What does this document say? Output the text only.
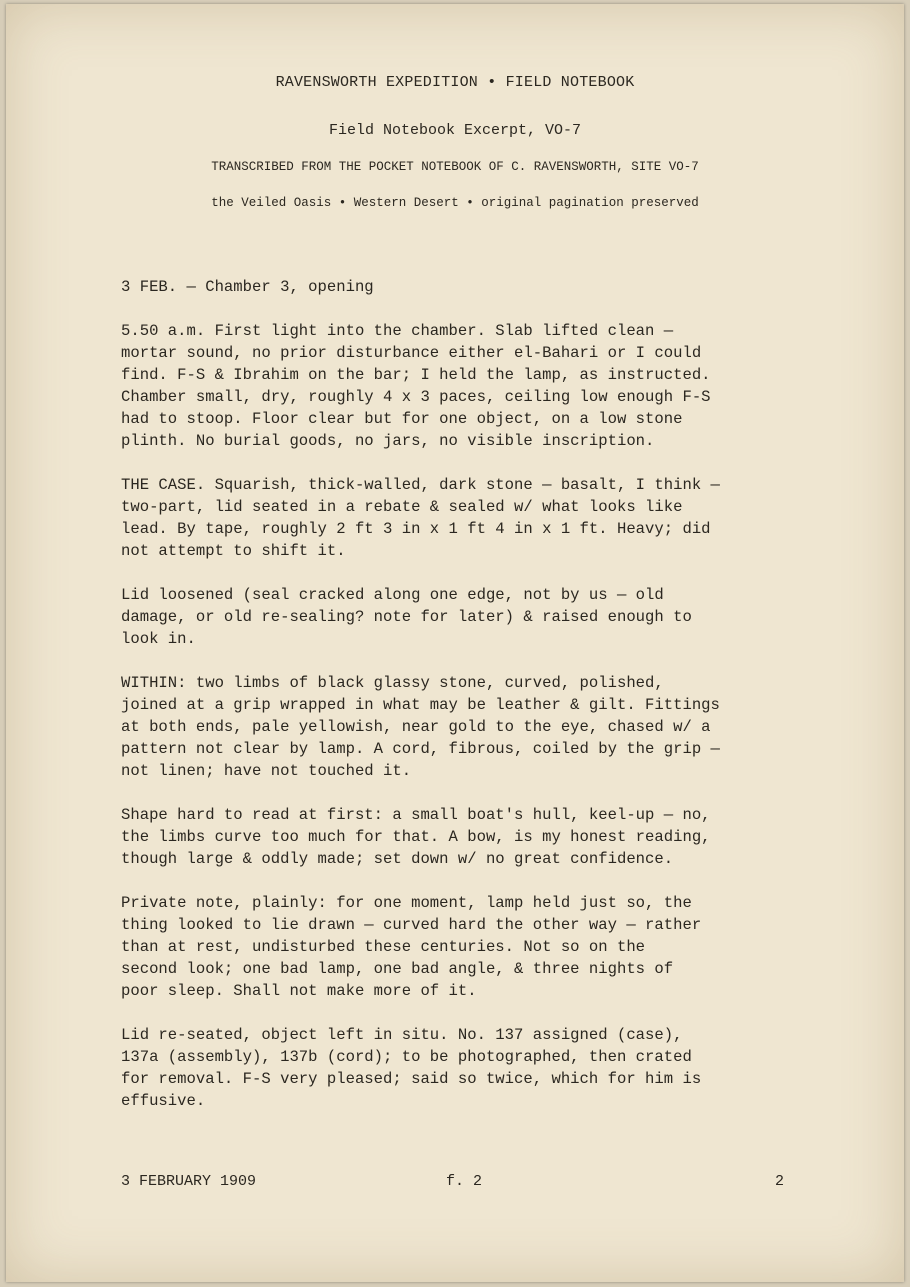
RAVENSWORTH EXPEDITION • FIELD NOTEBOOK
Field Notebook Excerpt, VO-7
TRANSCRIBED FROM THE POCKET NOTEBOOK OF C. RAVENSWORTH, SITE VO-7
the Veiled Oasis • Western Desert • original pagination preserved
3 FEB. — Chamber 3, opening
5.50 a.m. First light into the chamber. Slab lifted clean —
mortar sound, no prior disturbance either el-Bahari or I could
find. F-S & Ibrahim on the bar; I held the lamp, as instructed.
Chamber small, dry, roughly 4 x 3 paces, ceiling low enough F-S
had to stoop. Floor clear but for one object, on a low stone
plinth. No burial goods, no jars, no visible inscription.
THE CASE. Squarish, thick-walled, dark stone — basalt, I think —
two-part, lid seated in a rebate & sealed w/ what looks like
lead. By tape, roughly 2 ft 3 in x 1 ft 4 in x 1 ft. Heavy; did
not attempt to shift it.
Lid loosened (seal cracked along one edge, not by us — old
damage, or old re-sealing? note for later) & raised enough to
look in.
WITHIN: two limbs of black glassy stone, curved, polished,
joined at a grip wrapped in what may be leather & gilt. Fittings
at both ends, pale yellowish, near gold to the eye, chased w/ a
pattern not clear by lamp. A cord, fibrous, coiled by the grip —
not linen; have not touched it.
Shape hard to read at first: a small boat's hull, keel-up — no,
the limbs curve too much for that. A bow, is my honest reading,
though large & oddly made; set down w/ no great confidence.
Private note, plainly: for one moment, lamp held just so, the
thing looked to lie drawn — curved hard the other way — rather
than at rest, undisturbed these centuries. Not so on the
second look; one bad lamp, one bad angle, & three nights of
poor sleep. Shall not make more of it.
Lid re-seated, object left in situ. No. 137 assigned (case),
137a (assembly), 137b (cord); to be photographed, then crated
for removal. F-S very pleased; said so twice, which for him is
effusive.
3 FEBRUARY 1909	f. 2	2
